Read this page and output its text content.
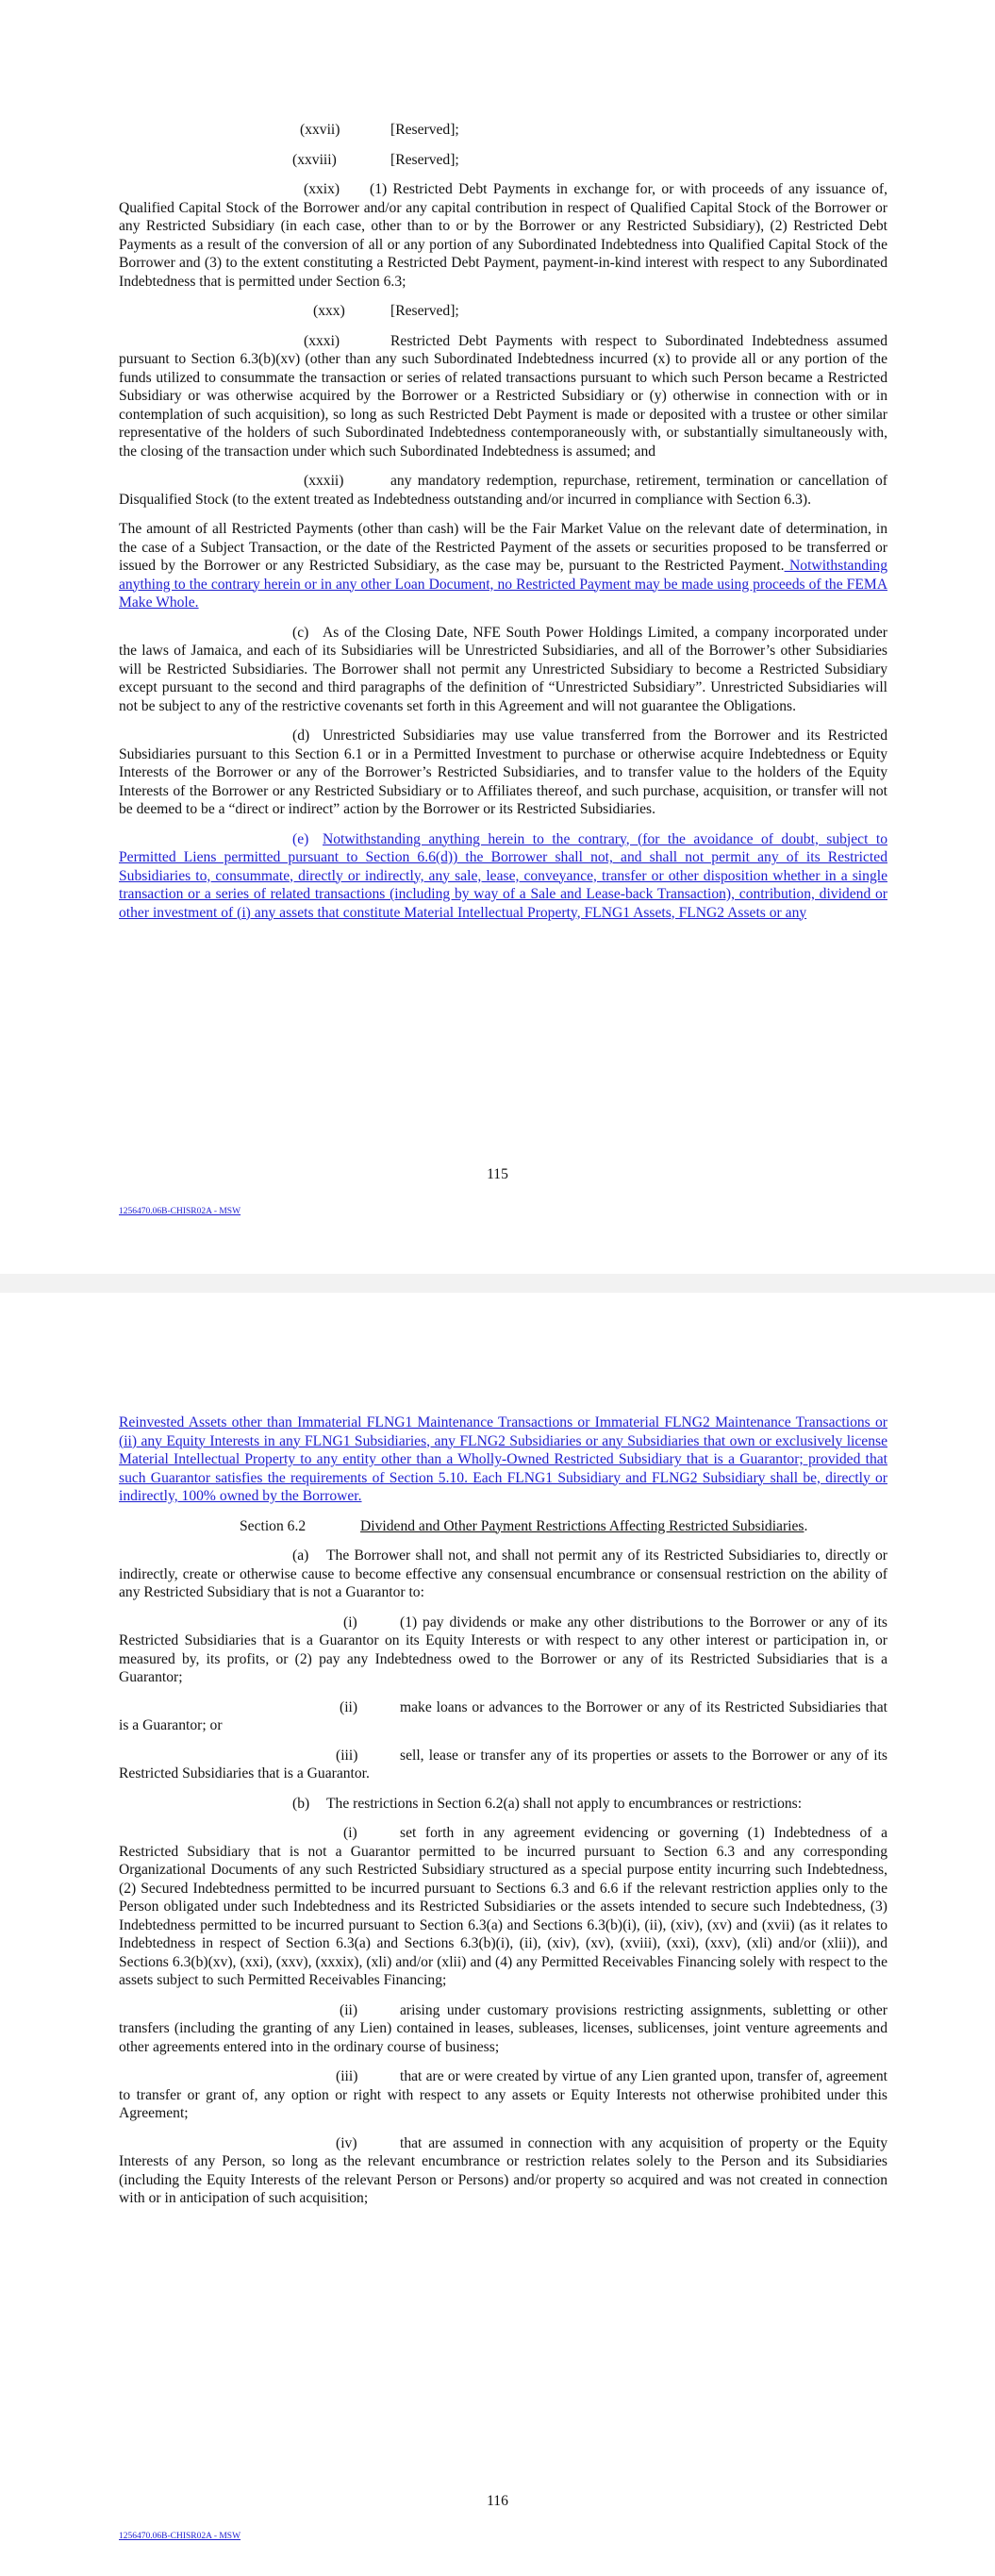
(xxvii)	[Reserved];

(xxviii)	[Reserved];

(xxix) (1) Restricted Debt Payments in exchange for, or with proceeds of any issuance of, Qualified Capital Stock of the Borrower and/or any capital contribution in respect of Qualified Capital Stock of the Borrower or any Restricted Subsidiary (in each case, other than to or by the Borrower or any Restricted Subsidiary), (2) Restricted Debt Payments as a result of the conversion of all or any portion of any Subordinated Indebtedness into Qualified Capital Stock of the Borrower and (3) to the extent constituting a Restricted Debt Payment, payment-in-kind interest with respect to any Subordinated Indebtedness that is permitted under Section 6.3;

(xxx)	[Reserved];

(xxxi)	Restricted Debt Payments with respect to Subordinated Indebtedness assumed pursuant to Section 6.3(b)(xv) (other than any such Subordinated Indebtedness incurred (x) to provide all or any portion of the funds utilized to consummate the transaction or series of related transactions pursuant to which such Person became a Restricted Subsidiary or was otherwise acquired by the Borrower or a Restricted Subsidiary or (y) otherwise in connection with or in contemplation of such acquisition), so long as such Restricted Debt Payment is made or deposited with a trustee or other similar representative of the holders of such Subordinated Indebtedness contemporaneously with, or substantially simultaneously with, the closing of the transaction under which such Subordinated Indebtedness is assumed; and

(xxxii)	any mandatory redemption, repurchase, retirement, termination or cancellation of Disqualified Stock (to the extent treated as Indebtedness outstanding and/or incurred in compliance with Section 6.3).

The amount of all Restricted Payments (other than cash) will be the Fair Market Value on the relevant date of determination, in the case of a Subject Transaction, or the date of the Restricted Payment of the assets or securities proposed to be transferred or issued by the Borrower or any Restricted Subsidiary, as the case may be, pursuant to the Restricted Payment. Notwithstanding anything to the contrary herein or in any other Loan Document, no Restricted Payment may be made using proceeds of the FEMA Make Whole.

(c) As of the Closing Date, NFE South Power Holdings Limited, a company incorporated under the laws of Jamaica, and each of its Subsidiaries will be Unrestricted Subsidiaries, and all of the Borrower’s other Subsidiaries will be Restricted Subsidiaries. The Borrower shall not permit any Unrestricted Subsidiary to become a Restricted Subsidiary except pursuant to the second and third paragraphs of the definition of “Unrestricted Subsidiary”. Unrestricted Subsidiaries will not be subject to any of the restrictive covenants set forth in this Agreement and will not guarantee the Obligations.

(d) Unrestricted Subsidiaries may use value transferred from the Borrower and its Restricted Subsidiaries pursuant to this Section 6.1 or in a Permitted Investment to purchase or otherwise acquire Indebtedness or Equity Interests of the Borrower or any of the Borrower’s Restricted Subsidiaries, and to transfer value to the holders of the Equity Interests of the Borrower or any Restricted Subsidiary or to Affiliates thereof, and such purchase, acquisition, or transfer will not be deemed to be a “direct or indirect” action by the Borrower or its Restricted Subsidiaries.

(e) Notwithstanding anything herein to the contrary, (for the avoidance of doubt, subject to Permitted Liens permitted pursuant to Section 6.6(d)) the Borrower shall not, and shall not permit any of its Restricted Subsidiaries to, consummate, directly or indirectly, any sale, lease, conveyance, transfer or other disposition whether in a single transaction or a series of related transactions (including by way of a Sale and Lease-back Transaction), contribution, dividend or other investment of (i) any assets that constitute Material Intellectual Property, FLNG1 Assets, FLNG2 Assets or any

115
1256470.06B-CHISR02A - MSW

Reinvested Assets other than Immaterial FLNG1 Maintenance Transactions or Immaterial FLNG2 Maintenance Transactions or (ii) any Equity Interests in any FLNG1 Subsidiaries, any FLNG2 Subsidiaries or any Subsidiaries that own or exclusively license Material Intellectual Property to any entity other than a Wholly-Owned Restricted Subsidiary that is a Guarantor; provided that such Guarantor satisfies the requirements of Section 5.10. Each FLNG1 Subsidiary and FLNG2 Subsidiary shall be, directly or indirectly, 100% owned by the Borrower.

Section 6.2	Dividend and Other Payment Restrictions Affecting Restricted Subsidiaries.

(a) The Borrower shall not, and shall not permit any of its Restricted Subsidiaries to, directly or indirectly, create or otherwise cause to become effective any consensual encumbrance or consensual restriction on the ability of any Restricted Subsidiary that is not a Guarantor to:

(i)	(1) pay dividends or make any other distributions to the Borrower or any of its Restricted Subsidiaries that is a Guarantor on its Equity Interests or with respect to any other interest or participation in, or measured by, its profits, or (2) pay any Indebtedness owed to the Borrower or any of its Restricted Subsidiaries that is a Guarantor;

(ii)	make loans or advances to the Borrower or any of its Restricted Subsidiaries that is a Guarantor; or

(iii)	sell, lease or transfer any of its properties or assets to the Borrower or any of its Restricted Subsidiaries that is a Guarantor.

(b) The restrictions in Section 6.2(a) shall not apply to encumbrances or restrictions:

(i)	set forth in any agreement evidencing or governing (1) Indebtedness of a Restricted Subsidiary that is not a Guarantor permitted to be incurred pursuant to Section 6.3 and any corresponding Organizational Documents of any such Restricted Subsidiary structured as a special purpose entity incurring such Indebtedness, (2) Secured Indebtedness permitted to be incurred pursuant to Sections 6.3 and 6.6 if the relevant restriction applies only to the Person obligated under such Indebtedness and its Restricted Subsidiaries or the assets intended to secure such Indebtedness, (3) Indebtedness permitted to be incurred pursuant to Section 6.3(a) and Sections 6.3(b)(i), (ii), (xiv), (xv) and (xvii) (as it relates to Indebtedness in respect of Section 6.3(a) and Sections 6.3(b)(i), (ii), (xiv), (xv), (xviii), (xxi), (xxv), (xli) and/or (xlii)), and Sections 6.3(b)(xv), (xxi), (xxv), (xxxix), (xli) and/or (xlii) and (4) any Permitted Receivables Financing solely with respect to the assets subject to such Permitted Receivables Financing;

(ii)	arising under customary provisions restricting assignments, subletting or other transfers (including the granting of any Lien) contained in leases, subleases, licenses, sublicenses, joint venture agreements and other agreements entered into in the ordinary course of business;

(iii)	that are or were created by virtue of any Lien granted upon, transfer of, agreement to transfer or grant of, any option or right with respect to any assets or Equity Interests not otherwise prohibited under this Agreement;

(iv)	that are assumed in connection with any acquisition of property or the Equity Interests of any Person, so long as the relevant encumbrance or restriction relates solely to the Person and its Subsidiaries (including the Equity Interests of the relevant Person or Persons) and/or property so acquired and was not created in connection with or in anticipation of such acquisition;

116
1256470.06B-CHISR02A - MSW
